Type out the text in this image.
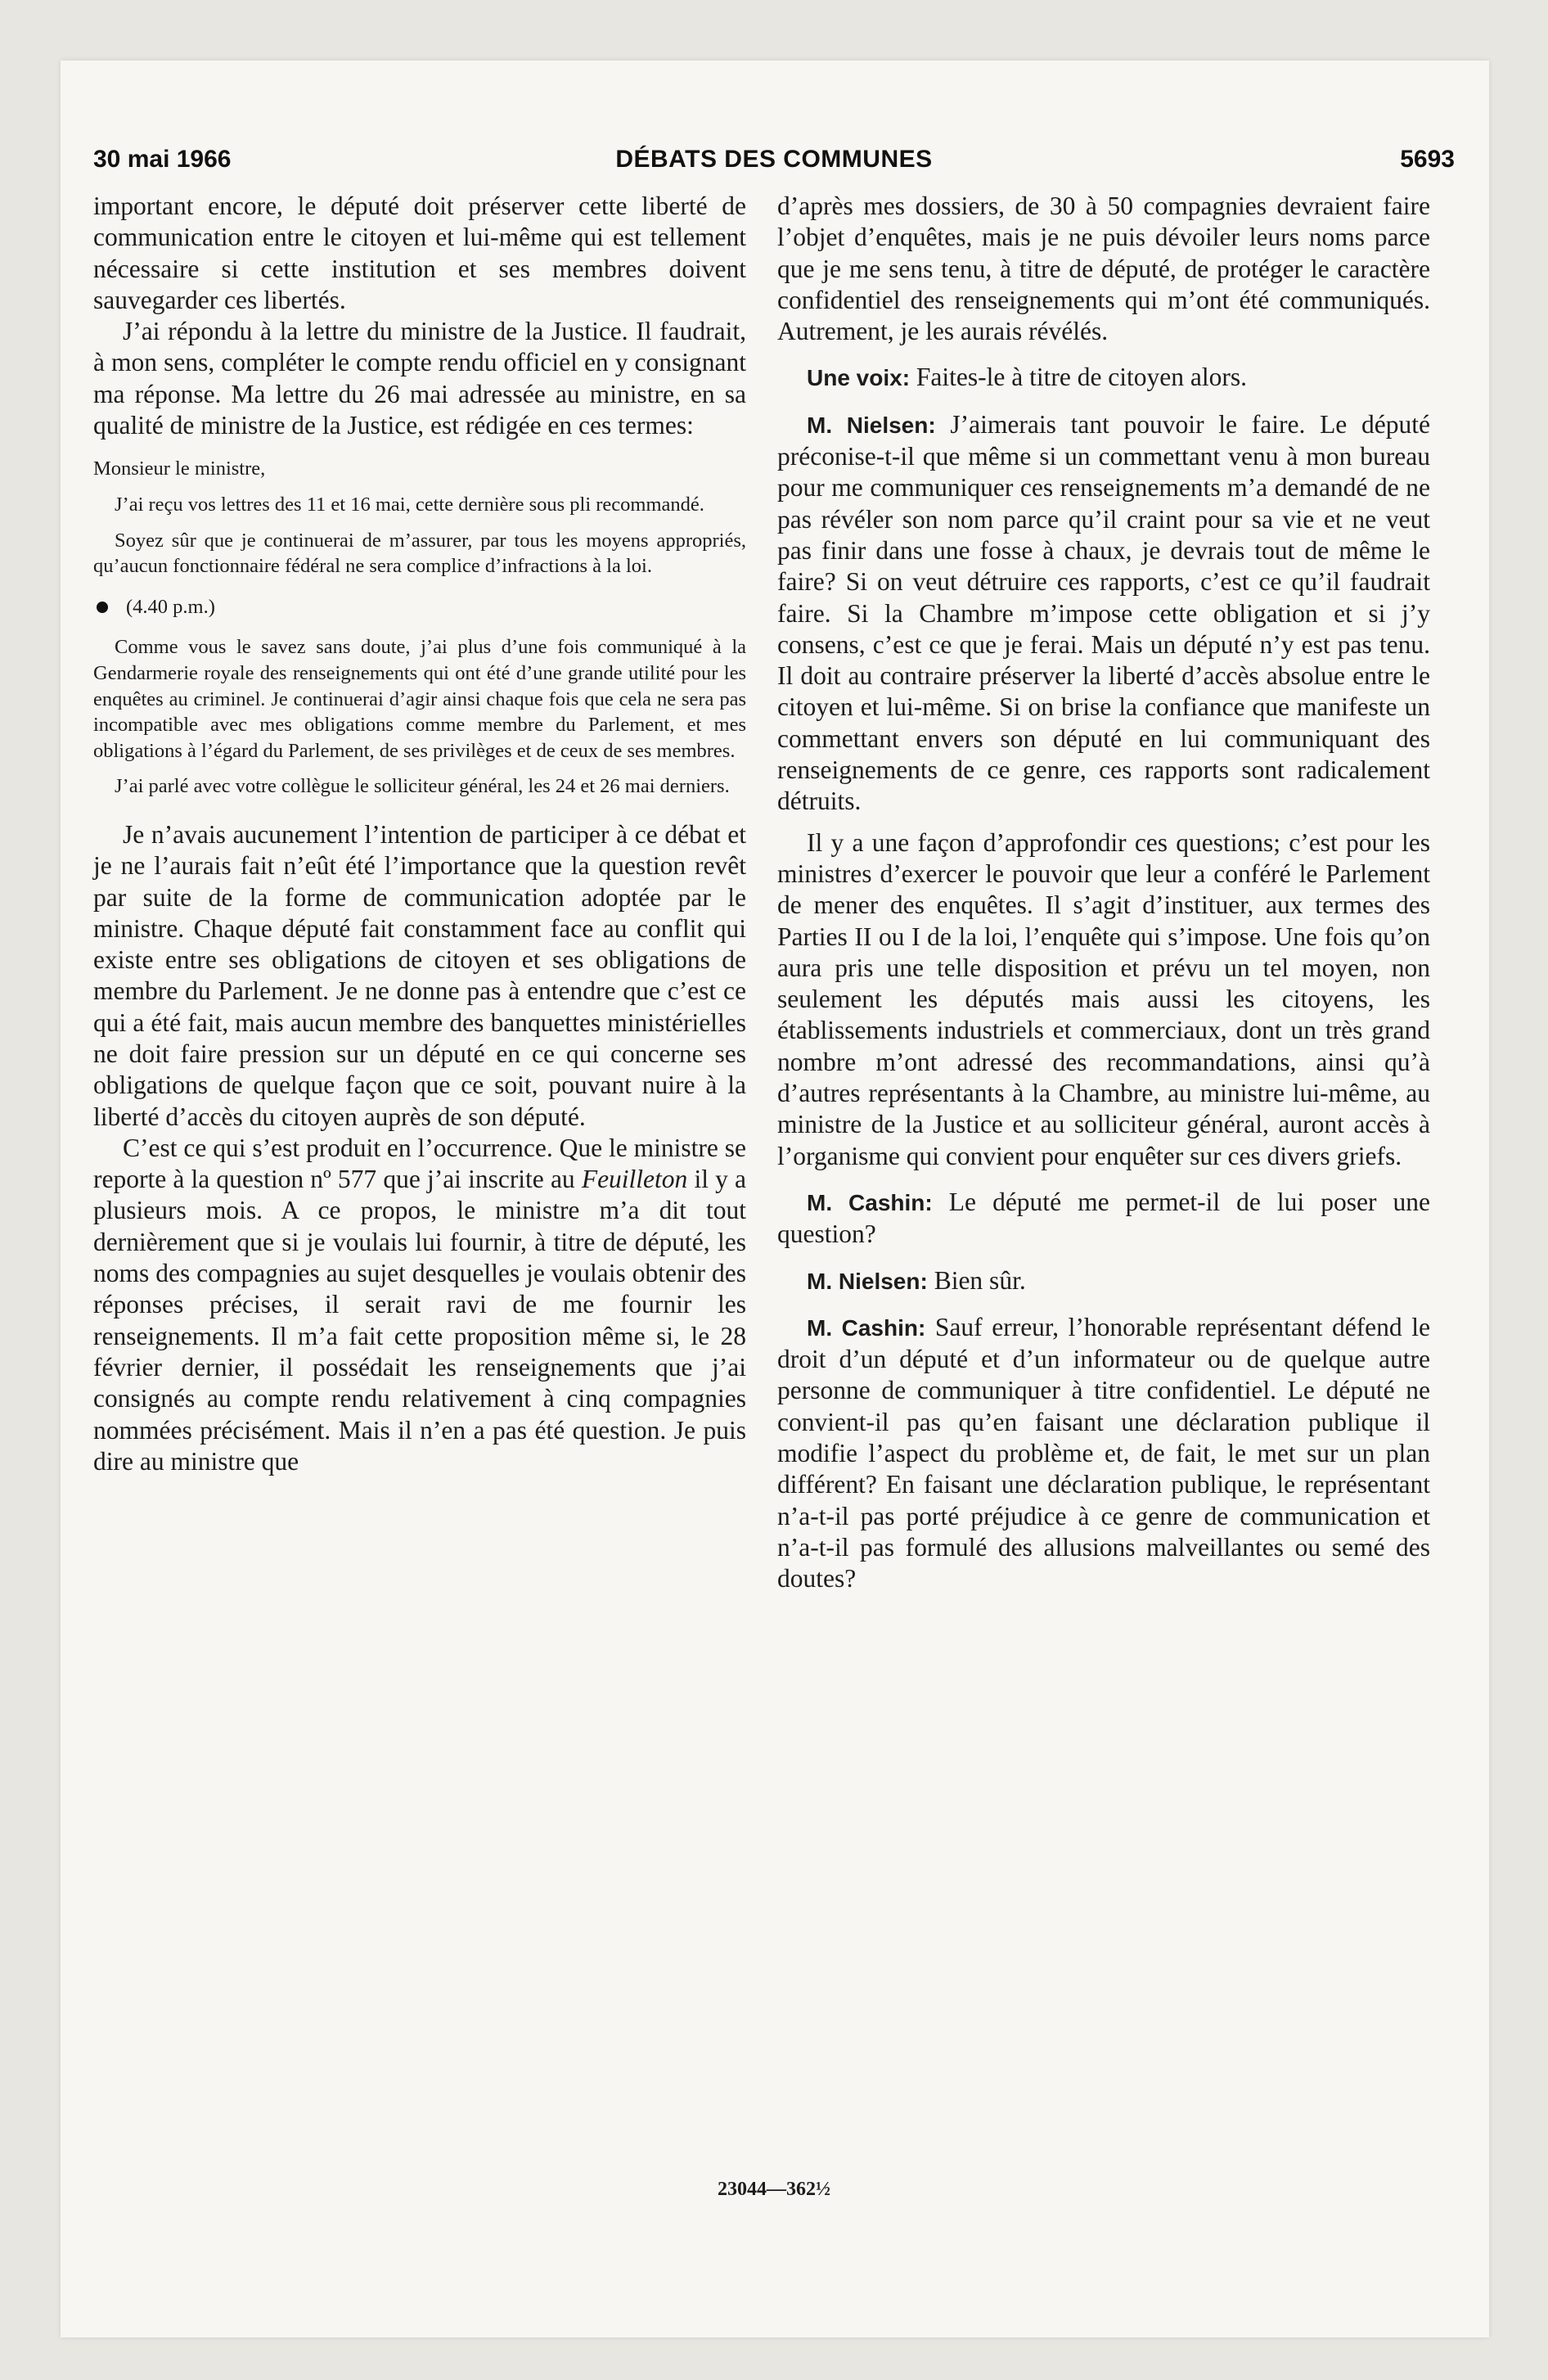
30 mai 1966	DÉBATS DES COMMUNES	5693

important encore, le député doit préserver cette liberté de communication entre le citoyen et lui-même qui est tellement nécessaire si cette institution et ses membres doivent sauvegarder ces libertés.

J’ai répondu à la lettre du ministre de la Justice. Il faudrait, à mon sens, compléter le compte rendu officiel en y consignant ma réponse. Ma lettre du 26 mai adressée au ministre, en sa qualité de ministre de la Justice, est rédigée en ces termes:

Monsieur le ministre,

J’ai reçu vos lettres des 11 et 16 mai, cette dernière sous pli recommandé.

Soyez sûr que je continuerai de m’assurer, par tous les moyens appropriés, qu’aucun fonctionnaire fédéral ne sera complice d’infractions à la loi.

(4.40 p.m.)

Comme vous le savez sans doute, j’ai plus d’une fois communiqué à la Gendarmerie royale des renseignements qui ont été d’une grande utilité pour les enquêtes au criminel. Je continuerai d’agir ainsi chaque fois que cela ne sera pas incompatible avec mes obligations comme membre du Parlement, et mes obligations à l’égard du Parlement, de ses privilèges et de ceux de ses membres.

J’ai parlé avec votre collègue le solliciteur général, les 24 et 26 mai derniers.

Je n’avais aucunement l’intention de participer à ce débat et je ne l’aurais fait n’eût été l’importance que la question revêt par suite de la forme de communication adoptée par le ministre. Chaque député fait constamment face au conflit qui existe entre ses obligations de citoyen et ses obligations de membre du Parlement. Je ne donne pas à entendre que c’est ce qui a été fait, mais aucun membre des banquettes ministérielles ne doit faire pression sur un député en ce qui concerne ses obligations de quelque façon que ce soit, pouvant nuire à la liberté d’accès du citoyen auprès de son député.

C’est ce qui s’est produit en l’occurrence. Que le ministre se reporte à la question nº 577 que j’ai inscrite au Feuilleton il y a plusieurs mois. A ce propos, le ministre m’a dit tout dernièrement que si je voulais lui fournir, à titre de député, les noms des compagnies au sujet desquelles je voulais obtenir des réponses précises, il serait ravi de me fournir les renseignements. Il m’a fait cette proposition même si, le 28 février dernier, il possédait les renseignements que j’ai consignés au compte rendu relativement à cinq compagnies nommées précisément. Mais il n’en a pas été question. Je puis dire au ministre que

d’après mes dossiers, de 30 à 50 compagnies devraient faire l’objet d’enquêtes, mais je ne puis dévoiler leurs noms parce que je me sens tenu, à titre de député, de protéger le caractère confidentiel des renseignements qui m’ont été communiqués. Autrement, je les aurais révélés.

Une voix: Faites-le à titre de citoyen alors.

M. Nielsen: J’aimerais tant pouvoir le faire. Le député préconise-t-il que même si un commettant venu à mon bureau pour me communiquer ces renseignements m’a demandé de ne pas révéler son nom parce qu’il craint pour sa vie et ne veut pas finir dans une fosse à chaux, je devrais tout de même le faire? Si on veut détruire ces rapports, c’est ce qu’il faudrait faire. Si la Chambre m’impose cette obligation et si j’y consens, c’est ce que je ferai. Mais un député n’y est pas tenu. Il doit au contraire préserver la liberté d’accès absolue entre le citoyen et lui-même. Si on brise la confiance que manifeste un commettant envers son député en lui communiquant des renseignements de ce genre, ces rapports sont radicalement détruits.

Il y a une façon d’approfondir ces questions; c’est pour les ministres d’exercer le pouvoir que leur a conféré le Parlement de mener des enquêtes. Il s’agit d’instituer, aux termes des Parties II ou I de la loi, l’enquête qui s’impose. Une fois qu’on aura pris une telle disposition et prévu un tel moyen, non seulement les députés mais aussi les citoyens, les établissements industriels et commerciaux, dont un très grand nombre m’ont adressé des recommandations, ainsi qu’à d’autres représentants à la Chambre, au ministre lui-même, au ministre de la Justice et au solliciteur général, auront accès à l’organisme qui convient pour enquêter sur ces divers griefs.

M. Cashin: Le député me permet-il de lui poser une question?

M. Nielsen: Bien sûr.

M. Cashin: Sauf erreur, l’honorable représentant défend le droit d’un député et d’un informateur ou de quelque autre personne de communiquer à titre confidentiel. Le député ne convient-il pas qu’en faisant une déclaration publique il modifie l’aspect du problème et, de fait, le met sur un plan différent? En faisant une déclaration publique, le représentant n’a-t-il pas porté préjudice à ce genre de communication et n’a-t-il pas formulé des allusions malveillantes ou semé des doutes?

23044—362½
